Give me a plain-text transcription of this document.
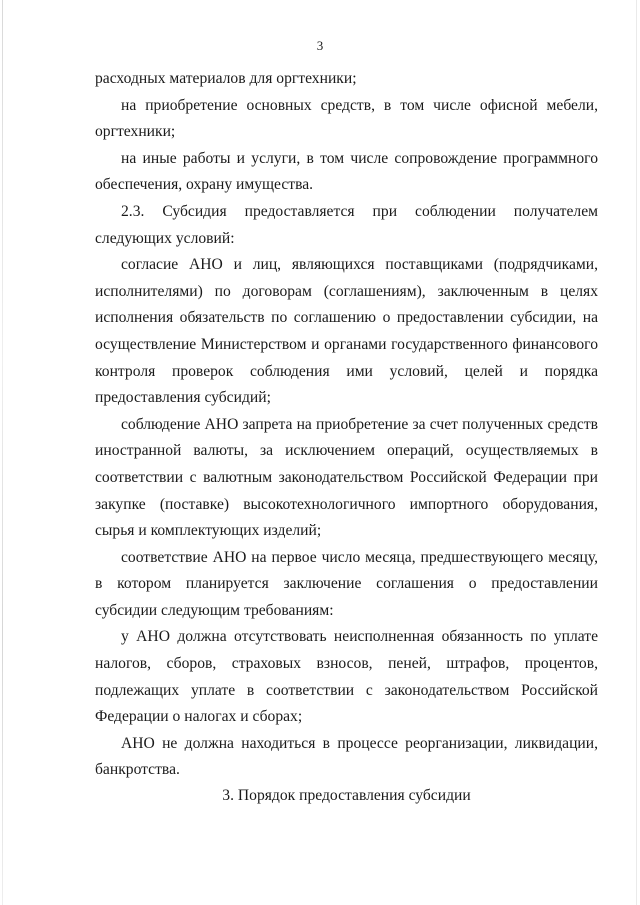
3

расходных материалов для оргтехники;

на приобретение основных средств, в том числе офисной мебели, оргтехники;

на иные работы и услуги, в том числе сопровождение программного обеспечения, охрану имущества.

2.3. Субсидия предоставляется при соблюдении получателем следующих условий:

согласие АНО и лиц, являющихся поставщиками (подрядчиками, исполнителями) по договорам (соглашениям), заключенным в целях исполнения обязательств по соглашению о предоставлении субсидии, на осуществление Министерством и органами государственного финансового контроля проверок соблюдения ими условий, целей и порядка предоставления субсидий;

соблюдение АНО запрета на приобретение за счет полученных средств иностранной валюты, за исключением операций, осуществляемых в соответствии с валютным законодательством Российской Федерации при закупке (поставке) высокотехнологичного импортного оборудования, сырья и комплектующих изделий;

соответствие АНО на первое число месяца, предшествующего месяцу, в котором планируется заключение соглашения о предоставлении субсидии следующим требованиям:

у АНО должна отсутствовать неисполненная обязанность по уплате налогов, сборов, страховых взносов, пеней, штрафов, процентов, подлежащих уплате в соответствии с законодательством Российской Федерации о налогах и сборах;

АНО не должна находиться в процессе реорганизации, ликвидации, банкротства.

3. Порядок предоставления субсидии
